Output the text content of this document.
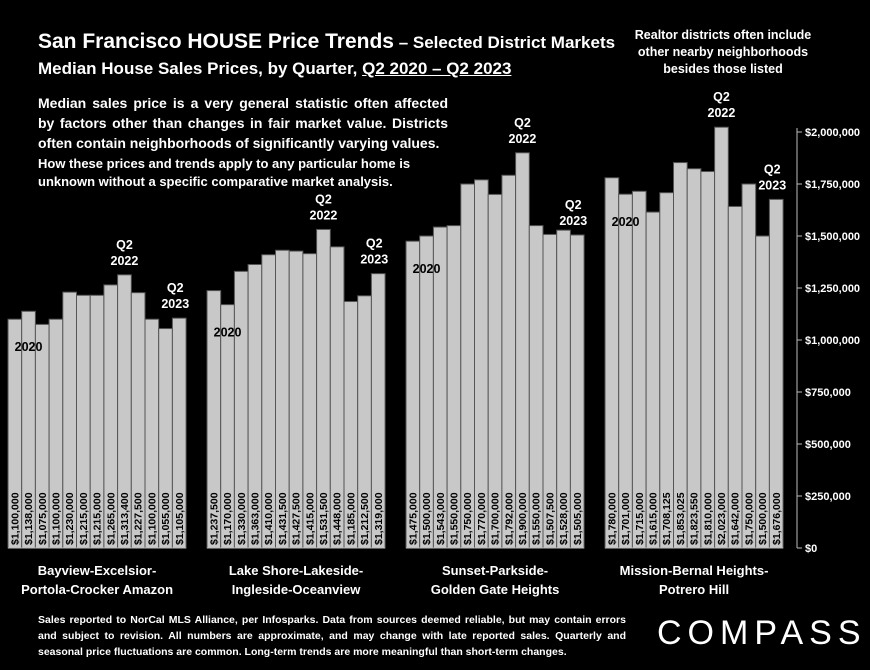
San Francisco HOUSE Price Trends – Selected District Markets
Median House Sales Prices, by Quarter, Q2 2020 – Q2 2023
Realtor districts often include other nearby neighborhoods besides those listed
Median sales price is a very general statistic often affected by factors other than changes in fair market value. Districts often contain neighborhoods of significantly varying values.
How these prices and trends apply to any particular home is unknown without a specific comparative market analysis.
$0
$250,000
$500,000
$750,000
$1,000,000
$1,250,000
$1,500,000
$1,750,000
$2,000,000
$1,100,000 $1,138,000 $1,075,000 $1,100,000 $1,230,000 $1,215,000 $1,215,000 $1,265,000 $1,313,400 $1,227,500 $1,100,000 $1,055,000 $1,105,000
2020
Q2
2022
Q2
2023
Bayview-Excelsior-
Portola-Crocker Amazon
$1,237,500 $1,170,000 $1,330,000 $1,363,000 $1,410,000 $1,431,500 $1,427,500 $1,415,000 $1,531,500 $1,448,000 $1,185,000 $1,212,500 $1,319,000
2020
Q2
2022
Q2
2023
Lake Shore-Lakeside-
Ingleside-Oceanview
$1,475,000 $1,500,000 $1,543,000 $1,550,000 $1,750,000 $1,770,000 $1,700,000 $1,792,000 $1,900,000 $1,550,000 $1,507,500 $1,528,000 $1,505,000
2020
Q2
2022
Q2
2023
Sunset-Parkside-
Golden Gate Heights
$1,780,000 $1,701,000 $1,715,000 $1,615,000 $1,708,125 $1,853,025 $1,823,550 $1,810,000 $2,023,000 $1,642,000 $1,750,000 $1,500,000 $1,676,000
2020
Q2
2022
Q2
2023
Mission-Bernal Heights-
Potrero Hill
Sales reported to NorCal MLS Alliance, per Infosparks. Data from sources deemed reliable, but may contain errors and subject to revision. All numbers are approximate, and may change with late reported sales. Quarterly and seasonal price fluctuations are common. Long-term trends are more meaningful than short-term changes.	COMPASS
